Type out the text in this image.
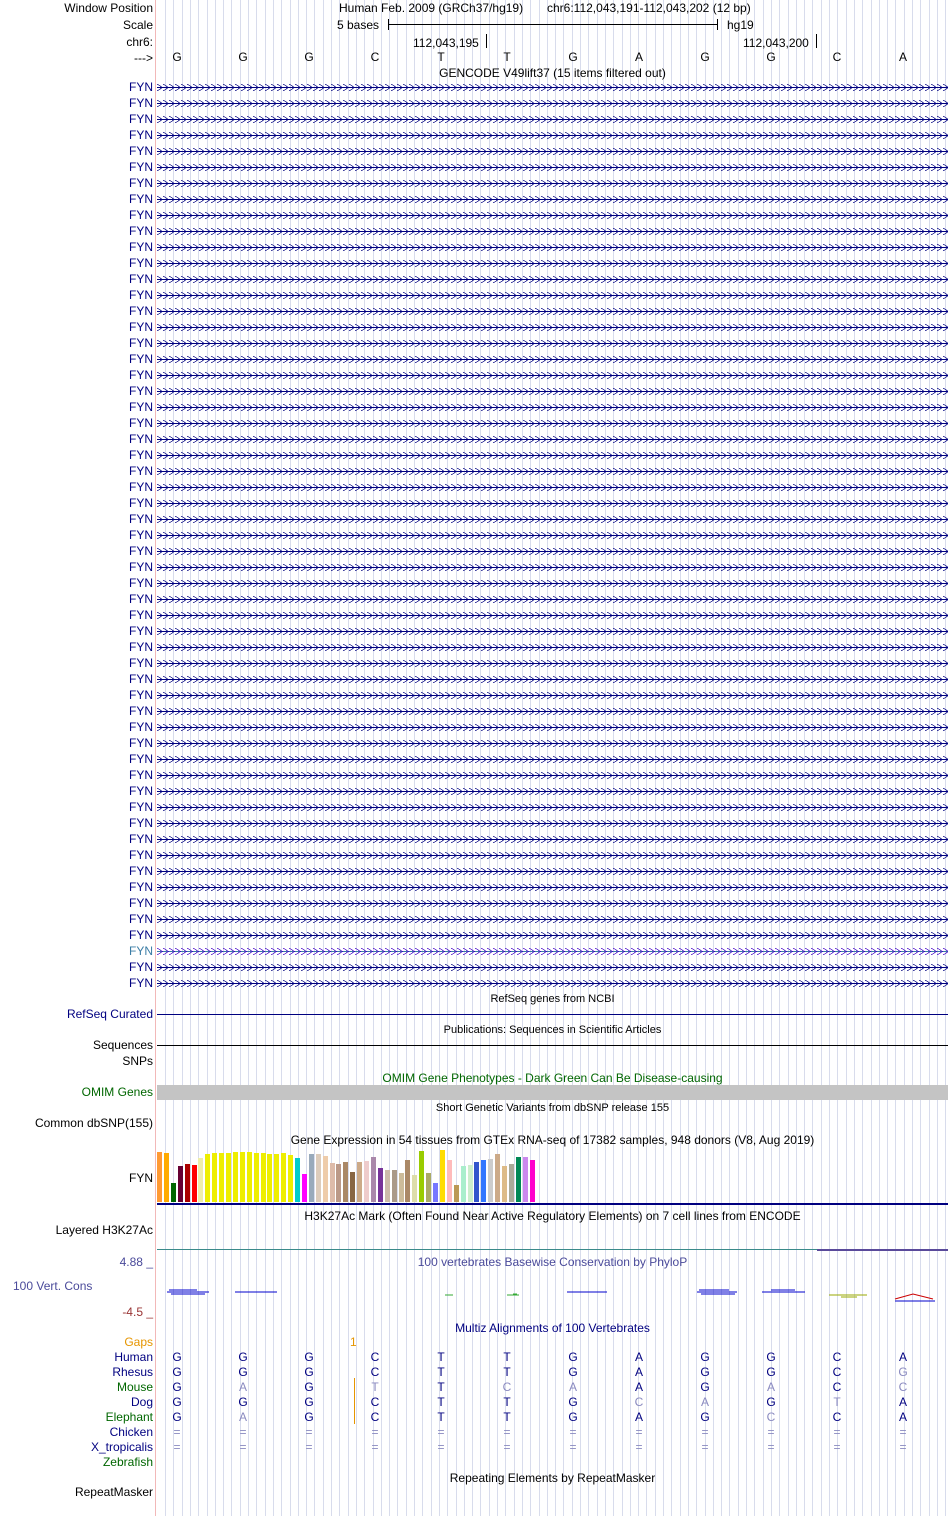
Window Position
Scale
chr6:
--->
Human Feb. 2009 (GRCh37/hg19) chr6:112,043,191-112,043,202 (12 bp)
5 bases	hg19
112,043,195	112,043,200
G	G	G	C	T	T	G	A	G	G	C	A
GENCODE V49lift37 (15 items filtered out)
FYN
FYN
FYN
FYN
FYN
FYN
FYN
FYN
FYN
FYN
FYN
FYN
FYN
FYN
FYN
FYN
FYN
FYN
FYN
FYN
FYN
FYN
FYN
FYN
FYN
FYN
FYN
FYN
FYN
FYN
FYN
FYN
FYN
FYN
FYN
FYN
FYN
FYN
FYN
FYN
FYN
FYN
FYN
FYN
FYN
FYN
FYN
FYN
FYN
FYN
FYN
FYN
FYN
FYN
FYN
FYN
FYN
RefSeq genes from NCBI
RefSeq Curated
Publications: Sequences in Scientific Articles
Sequences
SNPs
OMIM Gene Phenotypes - Dark Green Can Be Disease-causing
OMIM Genes
Short Genetic Variants from dbSNP release 155
Common dbSNP(155)
Gene Expression in 54 tissues from GTEx RNA-seq of 17382 samples, 948 donors (V8, Aug 2019)
FYN
H3K27Ac Mark (Often Found Near Active Regulatory Elements) on 7 cell lines from ENCODE
Layered H3K27Ac
100 vertebrates Basewise Conservation by PhyloP
4.88 _
100 Vert. Cons
-4.5 _
Multiz Alignments of 100 Vertebrates
Gaps	1
Human	G	G	G	C	T	T	G	A	G	G	C	A
Rhesus	G	G	G	C	T	T	G	A	G	G	C	G
Mouse	G	A	G	T	T	C	A	A	G	A	C	C
Dog	G	G	G	C	T	T	G	C	A	G	T	A
Elephant	G	A	G	C	T	T	G	A	G	C	C	A
Chicken	=	=	=	=	=	=	=	=	=	=	=	=
X_tropicalis	=	=	=	=	=	=	=	=	=	=	=	=
Zebrafish
Repeating Elements by RepeatMasker
RepeatMasker
